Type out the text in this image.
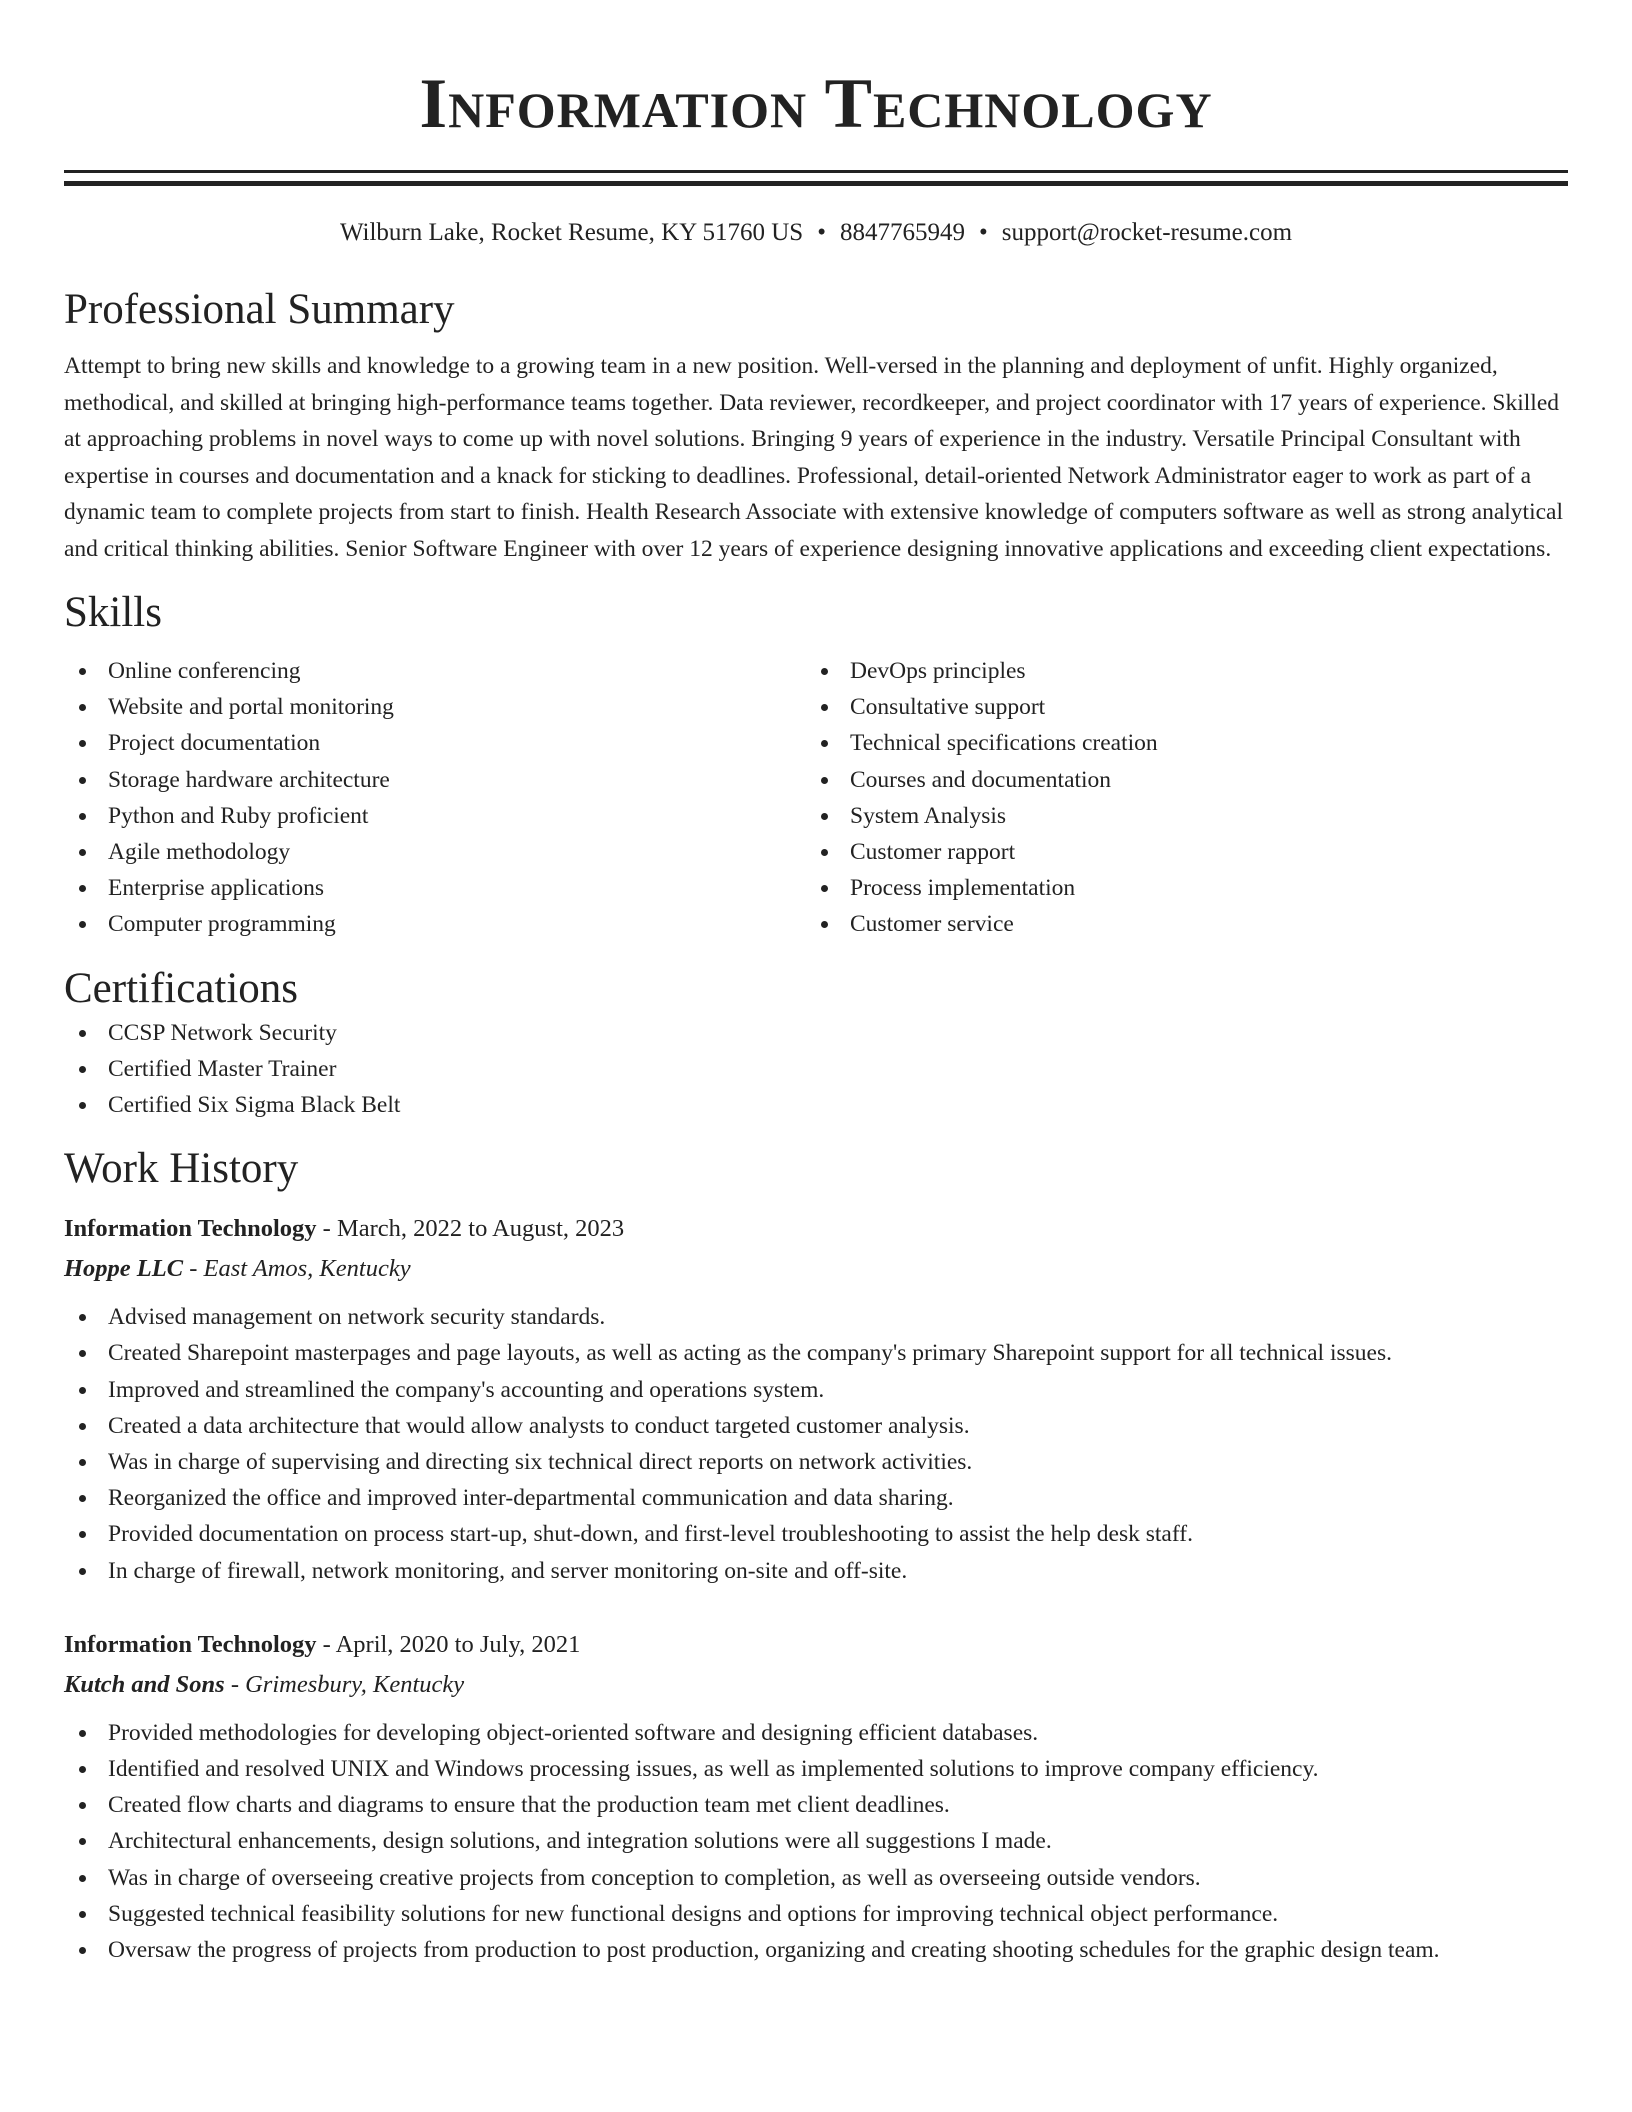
Information Technology
Wilburn Lake, Rocket Resume, KY 51760 US • 8847765949 • support@rocket-resume.com
Professional Summary
Attempt to bring new skills and knowledge to a growing team in a new position. Well-versed in the planning and deployment of unfit. Highly organized, methodical, and skilled at bringing high-performance teams together. Data reviewer, recordkeeper, and project coordinator with 17 years of experience. Skilled at approaching problems in novel ways to come up with novel solutions. Bringing 9 years of experience in the industry. Versatile Principal Consultant with expertise in courses and documentation and a knack for sticking to deadlines. Professional, detail-oriented Network Administrator eager to work as part of a dynamic team to complete projects from start to finish. Health Research Associate with extensive knowledge of computers software as well as strong analytical and critical thinking abilities. Senior Software Engineer with over 12 years of experience designing innovative applications and exceeding client expectations.
Skills
Online conferencing
Website and portal monitoring
Project documentation
Storage hardware architecture
Python and Ruby proficient
Agile methodology
Enterprise applications
Computer programming
DevOps principles
Consultative support
Technical specifications creation
Courses and documentation
System Analysis
Customer rapport
Process implementation
Customer service
Certifications
CCSP Network Security
Certified Master Trainer
Certified Six Sigma Black Belt
Work History
Information Technology - March, 2022 to August, 2023
Hoppe LLC - East Amos, Kentucky
Advised management on network security standards.
Created Sharepoint masterpages and page layouts, as well as acting as the company's primary Sharepoint support for all technical issues.
Improved and streamlined the company's accounting and operations system.
Created a data architecture that would allow analysts to conduct targeted customer analysis.
Was in charge of supervising and directing six technical direct reports on network activities.
Reorganized the office and improved inter-departmental communication and data sharing.
Provided documentation on process start-up, shut-down, and first-level troubleshooting to assist the help desk staff.
In charge of firewall, network monitoring, and server monitoring on-site and off-site.
Information Technology - April, 2020 to July, 2021
Kutch and Sons - Grimesbury, Kentucky
Provided methodologies for developing object-oriented software and designing efficient databases.
Identified and resolved UNIX and Windows processing issues, as well as implemented solutions to improve company efficiency.
Created flow charts and diagrams to ensure that the production team met client deadlines.
Architectural enhancements, design solutions, and integration solutions were all suggestions I made.
Was in charge of overseeing creative projects from conception to completion, as well as overseeing outside vendors.
Suggested technical feasibility solutions for new functional designs and options for improving technical object performance.
Oversaw the progress of projects from production to post production, organizing and creating shooting schedules for the graphic design team.
